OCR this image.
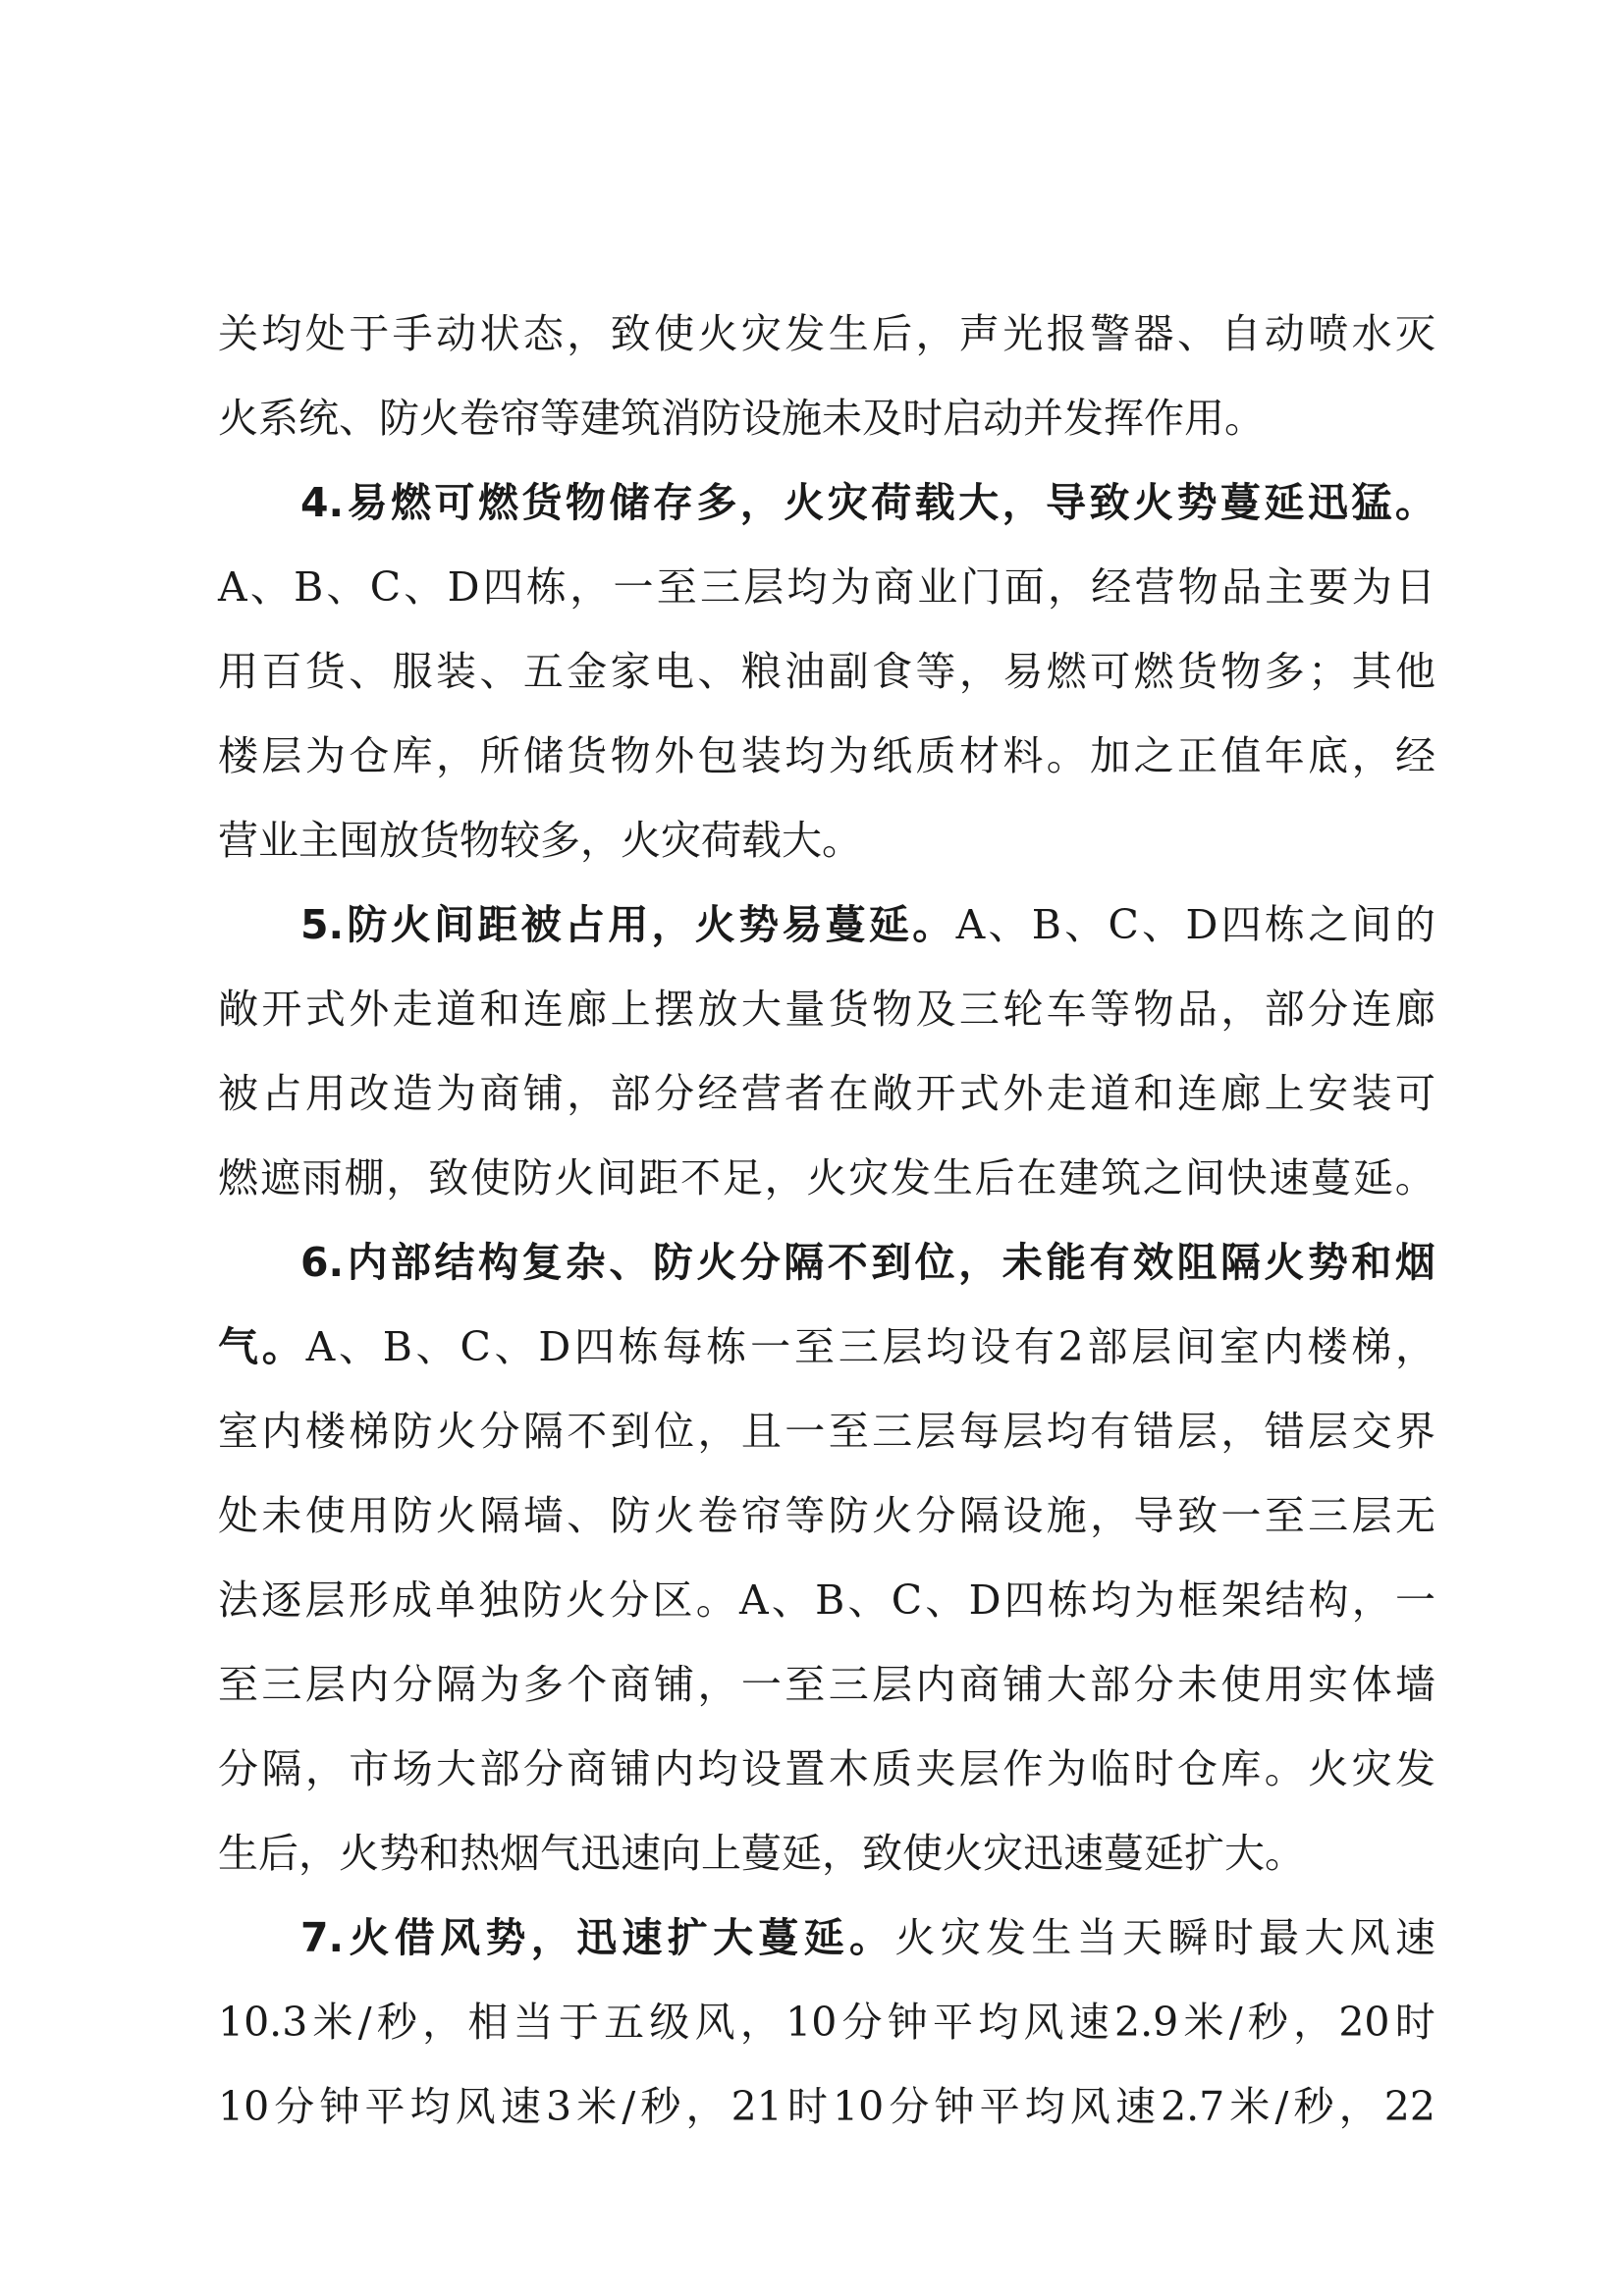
关 均 处 于 手 动 状 态 ， 致 使 火 灾 发 生 后 ， 声 光 报 警 器 、 自 动 喷 水 灭
火 系 统 、 防 火 卷 帘 等 建 筑 消 防 设 施 未 及 时 启 动 并 发 挥 作 用 。
4. 易 燃 可 燃 货 物 储 存 多 ， 火 灾 荷 载 大 ， 导 致 火 势 蔓 延 迅 猛 。
A 、 B 、 C 、 D 四 栋 ， 一 至 三 层 均 为 商 业 门 面 ， 经 营 物 品 主 要 为 日
用 百 货 、 服 装 、 五 金 家 电 、 粮 油 副 食 等 ， 易 燃 可 燃 货 物 多 ； 其 他
楼 层 为 仓 库 ， 所 储 货 物 外 包 装 均 为 纸 质 材 料 。 加 之 正 值 年 底 ， 经
营 业 主 囤 放 货 物 较 多 ， 火 灾 荷 载 大 。
5. 防 火 间 距 被 占 用 ， 火 势 易 蔓 延 。 A 、 B 、 C 、 D 四 栋 之 间 的
敞 开 式 外 走 道 和 连 廊 上 摆 放 大 量 货 物 及 三 轮 车 等 物 品 ， 部 分 连 廊
被 占 用 改 造 为 商 铺 ， 部 分 经 营 者 在 敞 开 式 外 走 道 和 连 廊 上 安 装 可
燃 遮 雨 棚 ， 致 使 防 火 间 距 不 足 ， 火 灾 发 生 后 在 建 筑 之 间 快 速 蔓 延 。
6. 内 部 结 构 复 杂 、 防 火 分 隔 不 到 位 ， 未 能 有 效 阻 隔 火 势 和 烟
气 。 A 、 B 、 C 、 D 四 栋 每 栋 一 至 三 层 均 设 有 2 部 层 间 室 内 楼 梯 ，
室 内 楼 梯 防 火 分 隔 不 到 位 ， 且 一 至 三 层 每 层 均 有 错 层 ， 错 层 交 界
处 未 使 用 防 火 隔 墙 、 防 火 卷 帘 等 防 火 分 隔 设 施 ， 导 致 一 至 三 层 无
法 逐 层 形 成 单 独 防 火 分 区 。 A 、 B 、 C 、 D 四 栋 均 为 框 架 结 构 ， 一
至 三 层 内 分 隔 为 多 个 商 铺 ， 一 至 三 层 内 商 铺 大 部 分 未 使 用 实 体 墙
分 隔 ， 市 场 大 部 分 商 铺 内 均 设 置 木 质 夹 层 作 为 临 时 仓 库 。 火 灾 发
生 后 ， 火 势 和 热 烟 气 迅 速 向 上 蔓 延 ， 致 使 火 灾 迅 速 蔓 延 扩 大 。
7. 火 借 风 势 ， 迅 速 扩 大 蔓 延 。 火 灾 发 生 当 天 瞬 时 最 大 风 速
10.3 米 / 秒 ， 相 当 于 五 级 风 ， 10 分 钟 平 均 风 速 2.9 米 / 秒 ， 20 时
10 分 钟 平 均 风 速 3 米 / 秒 ， 21 时 10 分 钟 平 均 风 速 2.7 米 / 秒 ， 22
